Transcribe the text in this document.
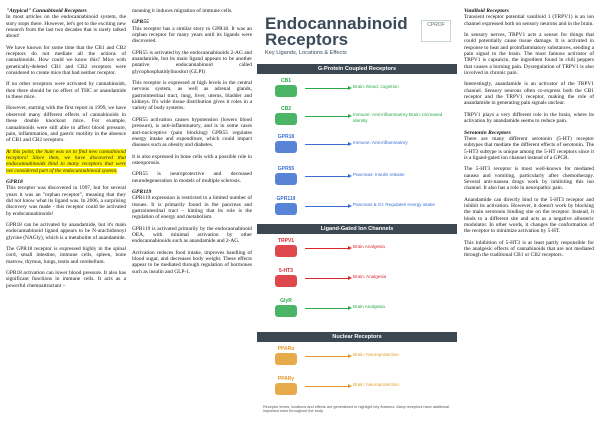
"Atypical" Cannabinoid Receptors

In most articles on the endocannabinoid system, the story stops there. However, let's get to the exciting new research from the last two decades that is rarely talked about!

We have known for some time that the CB1 and CB2 receptors do not mediate all the actions of cannabinoids. How could we know this? Mice with genetically-deleted CB1 and CB2 receptors were considered to create mice that had neither receptor.

If no other receptors were activated by cannabinoids, then there should be no effect of THC or anandamide in these mice.

However, starting with the first report in 1999, we have observed many different effects of cannabinoids in these double knockout mice. For example, cannabinoids were still able to affect blood pressure, pain, inflammation, and gastric motility in the absence of CB1 and CB2 receptors.

At this point, the hunt was on to find new cannabinoid receptors! Since then, we have discovered that endocannabinoids bind to many receptors that were not considered part of the endocannabinoid system.

GPR18

This receptor was discovered in 1997, but for several years it was an "orphan receptor", meaning that they did not know what its ligand was. In 2006, a surprising discovery was made - this receptor could be activated by endocannabinoids!

GPR18 can be activated by anandamide, but it's main endocannabinoid ligand appears to be N-arachidonoyl glycine (NAGly), which is a metabolite of anandamide.

The GPR18 receptor is expressed highly in the spinal cord, small intestine, immune cells, spleen, bone marrow, thymus, lungs, testis and cerebellum.

GPR18 activation can lower blood pressure. It also has significant functions in immune cells. It acts as a powerful chemoattractant –

meaning it induces migration of immune cells.

GPR55

This receptor has a similar story to GPR18. It was an orphan receptor for many years until its ligands were discovered.

GPR55 is activated by the endocannabinoids 2-AG and anandamide, but its main ligand appears to be another putative endocannabinoid called glycophosphatidylinositol (GLPI)

This receptor is expressed at high levels in the central nervous system, as well as adrenal glands, gastrointestinal tract, lung, liver, uterus, bladder and kidneys. It's wide tissue distribution gives it roles in a variety of body systems.

GPR55 activation causes hypotension (lowers blood pressure), is anti-inflammatory, and is in some cases anti-nociceptive (pain blocking) GPR55 regulates energy intake and expenditure, which could impact diseases such as obesity and diabetes.

It is also expressed in bone cells with a possible role in osteoporosis.

GPR55 is neuroprotective and decreased neurodegeneration in models of multiple sclerosis.

GPR119

GPR119 expression is restricted to a limited number of tissues. It is primarily found in the pancreas and gastrointestinal tract – hinting that its role is the regulation of energy and metabolism.

GPR119 is activated primarily by the endocannabinoid OEA, with minimal activation by other endocannabinoids such as anandamide and 2-AG.

Activation reduces food intake, improves handling of blood sugar, and decreases body weight. These effects appear to be mediated through regulation of hormones such as insulin and GLP-1.

Endocannabinoid
Receptors
Key Ligands, Locations & Effects
CPROF
G-Protein Coupled Receptors
Ligand-Gated Ion Channels
Nuclear Receptors
CB1
Brain: Mood, cognition
CB2
Immune: Anti-inflammatory Brain: Increased identity
GPR18
Immune: Anti-inflammatory
GPR55
Pancreas: Insulin release
GPR119
Pancreas & GI: Regulates energy intake
TRPV1
Brain Analgesia
5-HT3
Brain: Analgesia
GlyR
Brain Analgesia
PPARα
Brain: Neuroprotection
PPARγ
Brain: Neuroprotection
Receptor levels, locations and effects are generalised to highlight key features. Many receptors have additional important roles throughout the body.
Vanilloid Receptors

Transient receptor potential vanilloid 1 (TRPV1) is an ion channel expressed both on sensory neurons and in the brain.

In sensory nerves, TRPV1 acts a sensor for things that could potentially cause tissue damage. It is activated in response to heat and proinflammatory substances, sending a pain signal to the brain. The most famous activator of TRPV1 is capsaicin, the ingredient found in chili peppers that causes a burning pain. Dysregulation of TRPV1 is also involved in chronic pain.

Interestingly, anandamide is an activator of the TRPV1 channel. Sensory neurons often co-express both the CB1 receptor and the TRPV1 receptor, making the role of anandamide in generating pain signals unclear.

TRPV1 plays a very different role in the brain, where its activation by anandamide seems to reduce pain.

Serotonin Receptors

There are many different serotonin (5-HT) receptor subtypes that mediate the different effects of serotonin. The 5-HT3 subtype is unique among the 5-HT receptors since it is a ligand-gated ion channel instead of a GPCR.

The 5-HT3 receptor is most well-known for mediated nausea and vomiting, particularly after chemotherapy. Several anti-nausea drugs work by inhibiting this ion channel. It also has a role in neuropathic pain.

Anandamide can directly bind to the 5-HT3 receptor and inhibit its activation. However, it doesn't work by blocking the main serotonin binding site on the receptor. Instead, it binds to a different site and acts as a negative allosteric modulator. In other words, it changes the conformation of the receptor to minimize activation by 5-HT.

This inhibition of 5-HT3 is at least partly responsible for the analgesic effects of cannabinoids that are not mediated through the traditional CB1 or CB2 receptors.
